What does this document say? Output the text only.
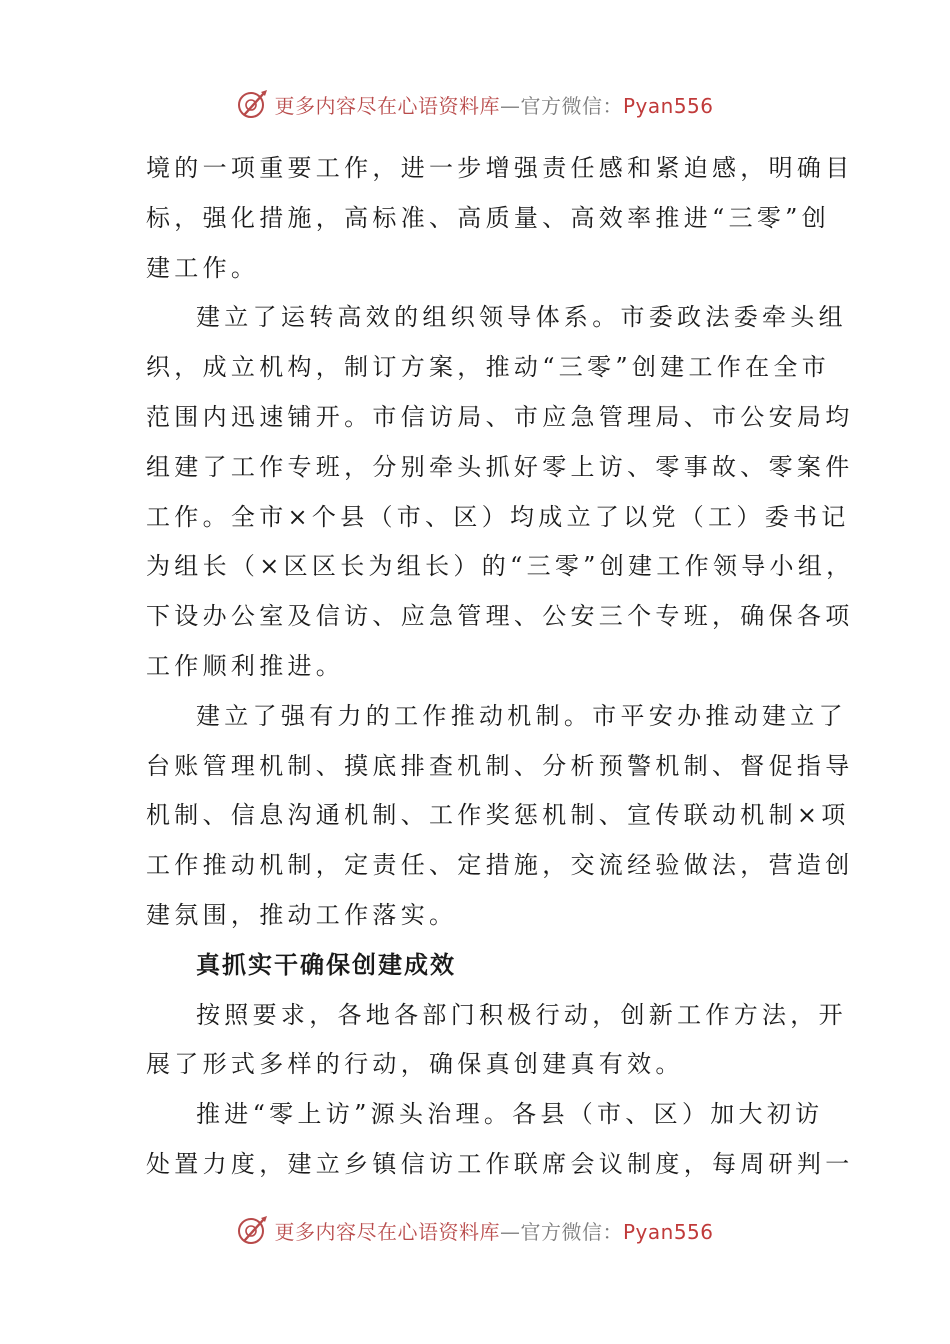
更多内容尽在心语资料库—官方微信：Pyan556
境的一项重要工作，进一步增强责任感和紧迫感，明确目
标，强化措施，高标准、高质量、高效率推进“三零”创
建工作。
建立了运转高效的组织领导体系。市委政法委牵头组
织，成立机构，制订方案，推动“三零”创建工作在全市
范围内迅速铺开。市信访局、市应急管理局、市公安局均
组建了工作专班，分别牵头抓好零上访、零事故、零案件
工作。全市×个县（市、区）均成立了以党（工）委书记
为组长（×区区长为组长）的“三零”创建工作领导小组，
下设办公室及信访、应急管理、公安三个专班，确保各项
工作顺利推进。
建立了强有力的工作推动机制。市平安办推动建立了
台账管理机制、摸底排查机制、分析预警机制、督促指导
机制、信息沟通机制、工作奖惩机制、宣传联动机制×项
工作推动机制，定责任、定措施，交流经验做法，营造创
建氛围，推动工作落实。
真抓实干确保创建成效
按照要求，各地各部门积极行动，创新工作方法，开
展了形式多样的行动，确保真创建真有效。
推进“零上访”源头治理。各县（市、区）加大初访
处置力度，建立乡镇信访工作联席会议制度，每周研判一
更多内容尽在心语资料库—官方微信：Pyan556
